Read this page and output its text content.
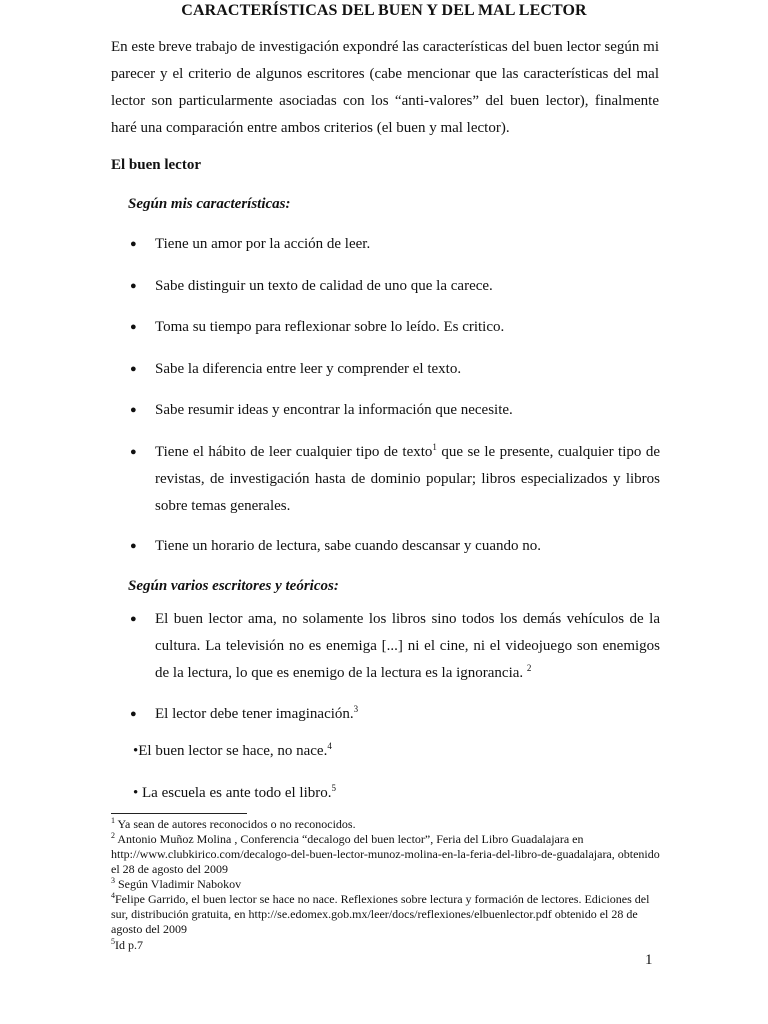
CARACTERÍSTICAS DEL BUEN Y DEL MAL LECTOR
En este breve trabajo de investigación expondré las características del buen lector según mi parecer y el criterio de algunos escritores (cabe mencionar que las características del mal lector son particularmente asociadas con los “anti-valores” del buen lector), finalmente haré una comparación entre ambos criterios (el buen y mal lector).
El buen lector
Según mis características:
●	Tiene un amor por la acción de leer.
●	Sabe distinguir un texto de calidad de uno que la carece.
●	Toma su tiempo para reflexionar sobre lo leído. Es critico.
●	Sabe la diferencia entre leer y comprender el texto.
●	Sabe resumir ideas y encontrar la información que necesite.
●	Tiene el hábito de leer cualquier tipo de texto$^1$ que se le presente, cualquier tipo de revistas, de investigación hasta de dominio popular; libros especializados y libros sobre temas generales.
●	Tiene un horario de lectura, sabe cuando descansar y cuando no.
Según varios escritores y teóricos:
●	El buen lector ama, no solamente los libros sino todos los demás vehículos de la cultura. La televisión no es enemiga [...] ni el cine, ni el videojuego son enemigos de la lectura, lo que es enemigo de la lectura es la ignorancia. $^2$
●	El lector debe tener imaginación.$^3$
•El buen lector se hace, no nace.$^4$
• La escuela es ante todo el libro.$^5$
$^1$ Ya sean de autores reconocidos o no reconocidos.
$^2$ Antonio Muñoz Molina , Conferencia “decalogo del buen lector”, Feria del Libro Guadalajara en http://www.clubkirico.com/decalogo-del-buen-lector-munoz-molina-en-la-feria-del-libro-de-guadalajara, obtenido el 28 de agosto del 2009
$^3$ Según Vladimir Nabokov
$^4$Felipe Garrido, el buen lector se hace no nace. Reflexiones sobre lectura y formación de lectores. Ediciones del sur, distribución gratuita, en http://se.edomex.gob.mx/leer/docs/reflexiones/elbuenlector.pdf obtenido el 28 de agosto del 2009
$^5$Id p.7
1
